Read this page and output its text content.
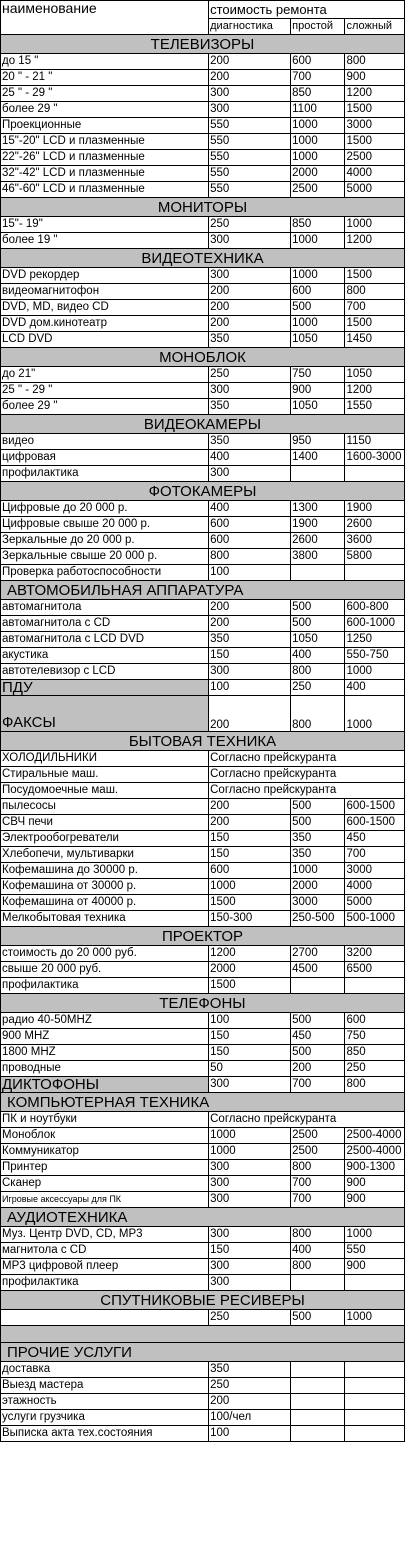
наименование	стоимость ремонта		
	диагностика	простой	сложный
ТЕЛЕВИЗОРЫ			
до 15 "	200	600	800
20 " - 21 "	200	700	900
25 " - 29 "	300	850	1200
более 29 "	300	1100	1500
Проекционные	550	1000	3000
15"-20" LCD и плазменные	550	1000	1500
22"-26" LCD и плазменные	550	1000	2500
32"-42" LCD и плазменные	550	2000	4000
46"-60" LCD и плазменные	550	2500	5000
МОНИТОРЫ			
15"- 19"	250	850	1000
более 19 "	300	1000	1200
ВИДЕОТЕХНИКА			
DVD рекордер	300	1000	1500
видеомагнитофон	200	600	800
DVD, MD, видео CD	200	500	700
DVD дом.кинотеатр	200	1000	1500
LCD DVD	350	1050	1450
МОНОБЛОК			
до 21"	250	750	1050
25 " - 29 "	300	900	1200
более 29 "	350	1050	1550
ВИДЕОКАМЕРЫ			
видео	350	950	1150
цифровая	400	1400	1600-3000
профилактика	300		
ФОТОКАМЕРЫ			
Цифровые до 20 000 р.	400	1300	1900
Цифровые свыше 20 000 р.	600	1900	2600
Зеркальные до 20 000 р.	600	2600	3600
Зеркальные свыше 20 000 р.	800	3800	5800
Проверка работоспособности	100		
АВТОМОБИЛЬНАЯ АППАРАТУРА			
автомагнитола	200	500	600-800
автомагнитола с CD	200	500	600-1000
автомагнитола с LCD DVD	350	1050	1250
акустика	150	400	550-750
автотелевизор с LCD	300	800	1000
ПДУ	100	250	400
ФАКСЫ	200	800	1000
БЫТОВАЯ ТЕХНИКА			
ХОЛОДИЛЬНИКИ	Согласно прейскуранта		
Стиральные маш.	Согласно прейскуранта		
Посудомоечные маш.	Согласно прейскуранта		
пылесосы	200	500	600-1500
СВЧ печи	200	500	600-1500
Электрообогреватели	150	350	450
Хлебопечи, мультиварки	150	350	700
Кофемашина до 30000 р.	600	1000	3000
Кофемашина от 30000 р.	1000	2000	4000
Кофемашина от 40000 р.	1500	3000	5000
Мелкобытовая техника	150-300	250-500	500-1000
ПРОЕКТОР			
стоимость до 20 000 руб.	1200	2700	3200
свыше 20 000 руб.	2000	4500	6500
профилактика	1500		
ТЕЛЕФОНЫ			
радио 40-50MHZ	100	500	600
900 MHZ	150	450	750
1800 MHZ	150	500	850
проводные	50	200	250
ДИКТОФОНЫ	300	700	800
КОМПЬЮТЕРНАЯ ТЕХНИКА			
ПК и ноутбуки	Согласно прейскуранта		
Моноблок	1000	2500	2500-4000
Коммуникатор	1000	2500	2500-4000
Принтер	300	800	900-1300
Сканер	300	700	900
Игровые аксессуары для ПК	300	700	900
АУДИОТЕХНИКА			
Муз. Центр DVD, CD, MP3	300	800	1000
магнитола с CD	150	400	550
MP3 цифровой плеер	300	800	900
профилактика	300		
СПУТНИКОВЫЕ РЕСИВЕРЫ			
	250	500	1000

ПРОЧИЕ УСЛУГИ			
доставка	350		
Выезд мастера	250		
этажность	200		
услуги грузчика	100/чел		
Выписка акта тех.состояния	100		
